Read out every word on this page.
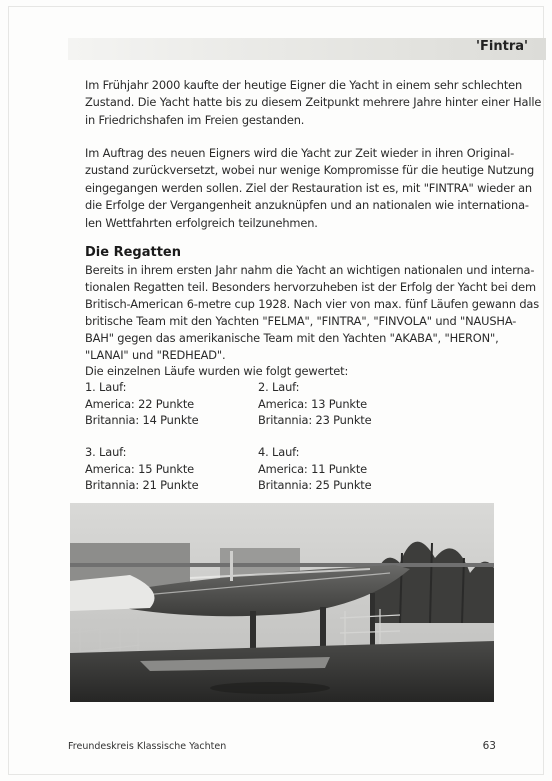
'Fintra'
Im Frühjahr 2000 kaufte der heutige Eigner die Yacht in einem sehr schlechten
Zustand. Die Yacht hatte bis zu diesem Zeitpunkt mehrere Jahre hinter einer Halle
in Friedrichshafen im Freien gestanden.
Im Auftrag des neuen Eigners wird die Yacht zur Zeit wieder in ihren Original-
zustand zurückversetzt, wobei nur wenige Kompromisse für die heutige Nutzung
eingegangen werden sollen. Ziel der Restauration ist es, mit "FINTRA" wieder an
die Erfolge der Vergangenheit anzuknüpfen und an nationalen wie internationa-
len Wettfahrten erfolgreich teilzunehmen.
Die Regatten
Bereits in ihrem ersten Jahr nahm die Yacht an wichtigen nationalen und interna-
tionalen Regatten teil. Besonders hervorzuheben ist der Erfolg der Yacht bei dem
Britisch-American 6-metre cup 1928. Nach vier von max. fünf Läufen gewann das
britische Team mit den Yachten "FELMA", "FINTRA", "FINVOLA" und "NAUSHA-
BAH" gegen das amerikanische Team mit den Yachten "AKABA", "HERON",
"LANAI" und "REDHEAD".
Die einzelnen Läufe wurden wie folgt gewertet:
1. Lauf:
America: 22 Punkte
Britannia: 14 Punkte
2. Lauf:
America: 13 Punkte
Britannia: 23 Punkte
3. Lauf:
America: 15 Punkte
Britannia: 21 Punkte
4. Lauf:
America: 11 Punkte
Britannia: 25 Punkte
Freundeskreis Klassische Yachten	63
